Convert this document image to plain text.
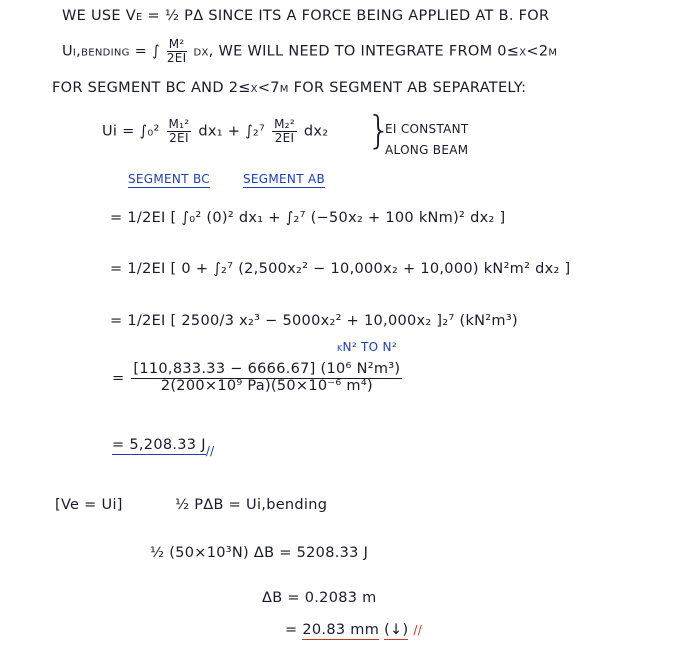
WE USE Ve = ½ PΔ SINCE ITS A FORCE BEING APPLIED AT B. FOR
Ui,bending = ∫ $\frac{\text{M²}}{2EI}$ dx, WE WILL NEED TO INTEGRATE FROM 0≤x<2m
FOR SEGMENT BC AND 2≤x<7m FOR SEGMENT AB SEPARATELY:
$Ui = \int_0^2 \frac{\text{M₁²}}{2EI} dx_1 + \int_2^7 \frac{\text{M₂²}}{2EI} dx_2$ }
EI CONSTANT
ALONG BEAM
SEGMENT BC	SEGMENT AB
= 1/2EI [ ∫₀² (0)² dx₁ + ∫₂⁷ (−50x₂ + 100 kNm)² dx₂ ]
= 1/2EI [ 0 + ∫₂⁷ (2,500x₂² − 10,000x₂ + 10,000) kN²m² dx₂ ]
= 1/2EI [ 2500/3 x₂³ − 5000x₂² + 10,000x₂ ]₂⁷ (kN²m³)
kN² TO N²
= $\frac{\text{[110,833.33 − 6666.67] (10⁶ N²m³)}}{\text{2(200×10⁹ Pa)(50×10⁻⁶ m⁴)}}$
= 5,208.33 $J_{//}$
[Ve = Ui]	½ PΔB = Ui,bending
½ (50×10³N) ΔB = 5208.33 J
ΔB = 0.2083 m
= 20.83 mm (↓) //
